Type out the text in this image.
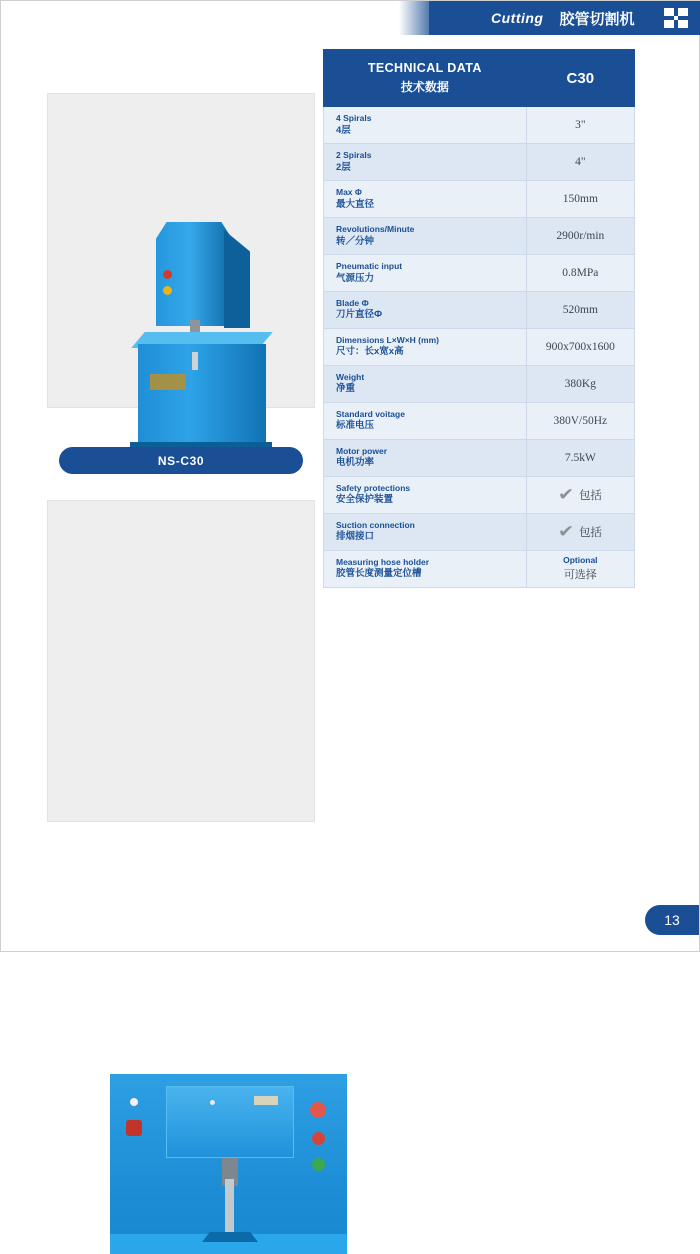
Cutting 胶管切割机
NS-C30
TECHNICAL DATA
技术数据	C30

4 Spirals
4层	3"

2 Spirals
2层	4"

Max Φ
最大直径	150mm

Revolutions/Minute
转／分钟	2900r/min

Pneumatic input
气源压力	0.8MPa

Blade Ф
刀片直径Ф	520mm

Dimensions L×W×H (mm)
尺寸：长x宽x高	900x700x1600

Weight
净重	380Kg

Standard voitage
标准电压	380V/50Hz

Motor power
电机功率	7.5kW

Safety protections
安全保护装置	✔ 包括

Suction connection
排烟接口	✔ 包括

Measuring hose holder
胶管长度测量定位槽	Optional
可选择
13
